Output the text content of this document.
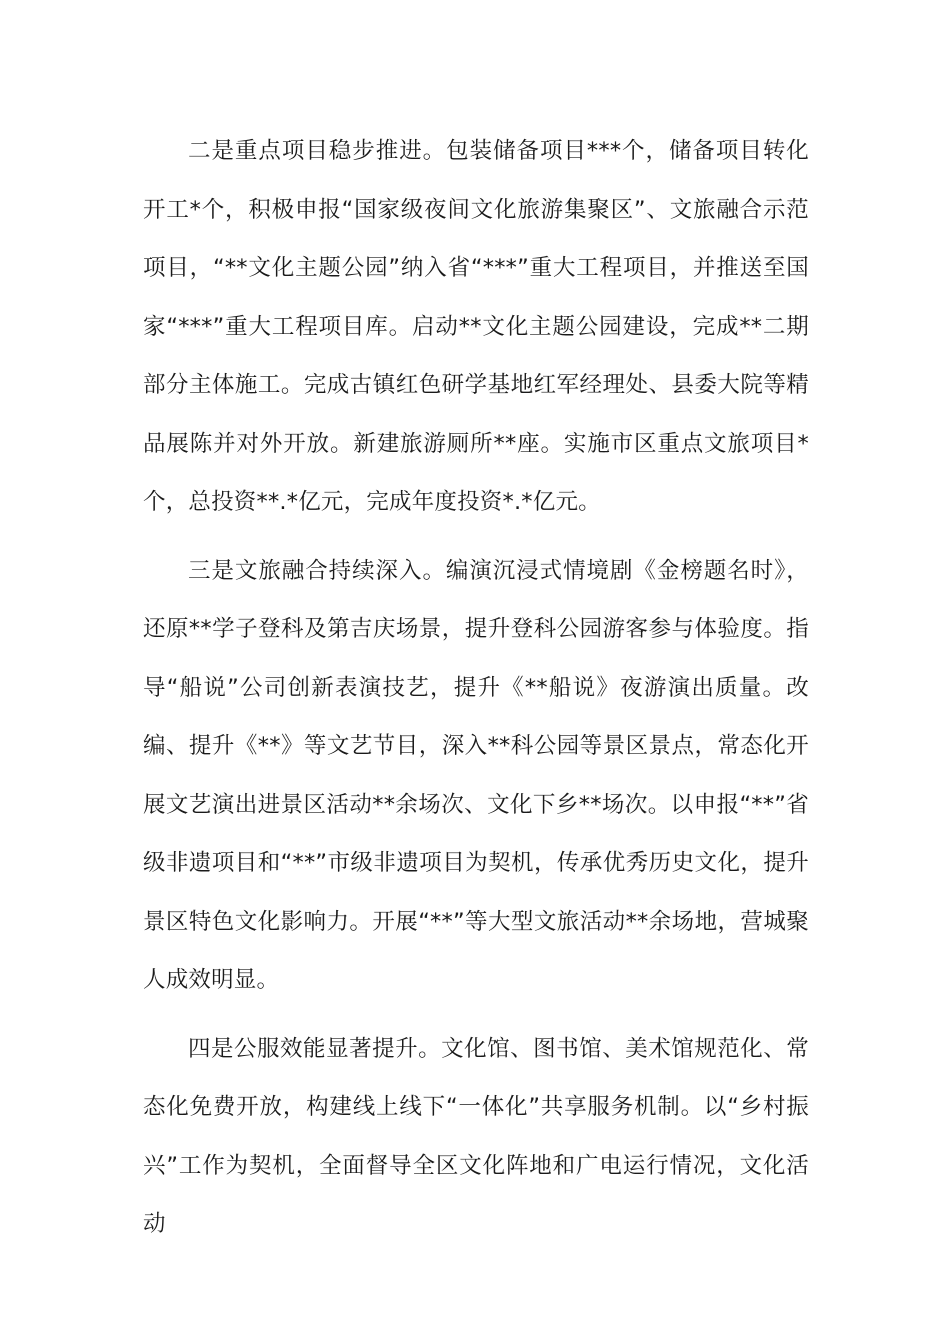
二是重点项目稳步推进。包装储备项目***个，储备项目转化开工*个，积极申报“国家级夜间文化旅游集聚区”、文旅融合示范项目，“**文化主题公园”纳入省“***”重大工程项目，并推送至国家“***”重大工程项目库。启动**文化主题公园建设，完成**二期部分主体施工。完成古镇红色研学基地红军经理处、县委大院等精品展陈并对外开放。新建旅游厕所**座。实施市区重点文旅项目*个，总投资**.*亿元，完成年度投资*.*亿元。

三是文旅融合持续深入。编演沉浸式情境剧《金榜题名时》，还原**学子登科及第吉庆场景，提升登科公园游客参与体验度。指导“船说”公司创新表演技艺，提升《**船说》夜游演出质量。改编、提升《**》等文艺节目，深入**科公园等景区景点，常态化开展文艺演出进景区活动**余场次、文化下乡**场次。以申报“**”省级非遗项目和“**”市级非遗项目为契机，传承优秀历史文化，提升景区特色文化影响力。开展“**”等大型文旅活动**余场地，营城聚人成效明显。

四是公服效能显著提升。文化馆、图书馆、美术馆规范化、常态化免费开放，构建线上线下“一体化”共享服务机制。以“乡村振兴”工作为契机，全面督导全区文化阵地和广电运行情况，文化活动
